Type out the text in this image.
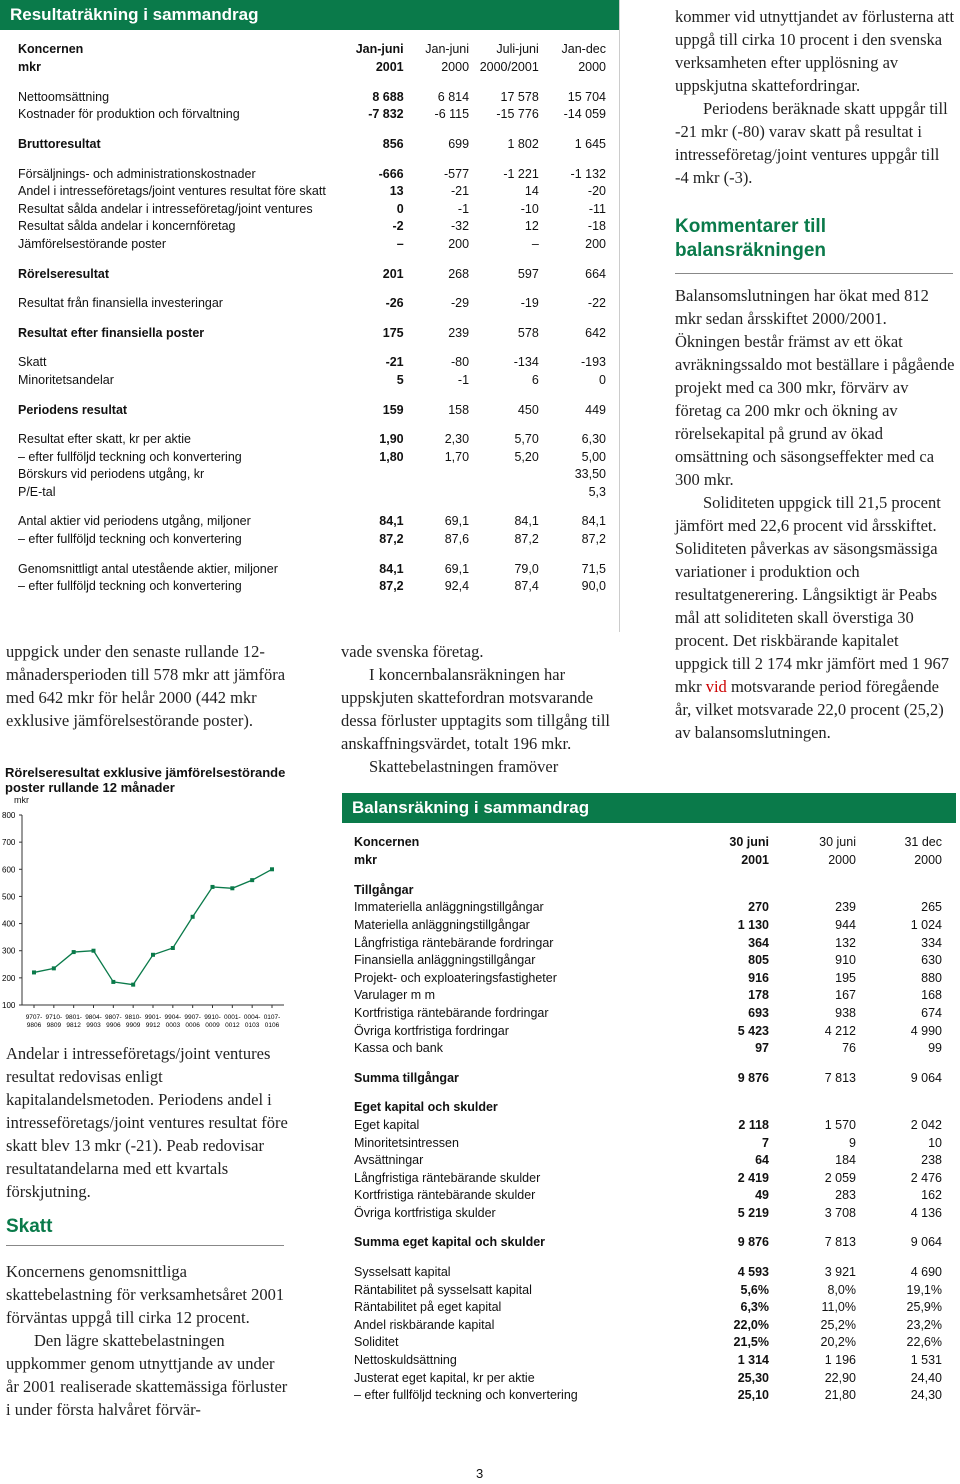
Resultaträkning i sammandrag
Koncernen	Jan-juni	Jan-juni	Juli-juni	Jan-dec
mkr	2001	2000	2000/2001	2000

Nettoomsättning	8 688	6 814	17 578	15 704
Kostnader för produktion och förvaltning	-7 832	-6 115	-15 776	-14 059

Bruttoresultat	856	699	1 802	1 645

Försäljnings- och administrationskostnader	-666	-577	-1 221	-1 132
Andel i intresseföretags/joint ventures resultat före skatt	13	-21	14	-20
Resultat sålda andelar i intresseföretag/joint ventures	0	-1	-10	-11
Resultat sålda andelar i koncernföretag	-2	-32	12	-18
Jämförelsestörande poster	–	200	–	200

Rörelseresultat	201	268	597	664

Resultat från finansiella investeringar	-26	-29	-19	-22

Resultat efter finansiella poster	175	239	578	642

Skatt	-21	-80	-134	-193
Minoritetsandelar	5	-1	6	0

Periodens resultat	159	158	450	449

Resultat efter skatt, kr per aktie	1,90	2,30	5,70	6,30
– efter fullföljd teckning och konvertering	1,80	1,70	5,20	5,00
Börskurs vid periodens utgång, kr				33,50
P/E-tal				5,3

Antal aktier vid periodens utgång, miljoner	84,1	69,1	84,1	84,1
– efter fullföljd teckning och konvertering	87,2	87,6	87,2	87,2

Genomsnittligt antal utestående aktier, miljoner	84,1	69,1	79,0	71,5
– efter fullföljd teckning och konvertering	87,2	92,4	87,4	90,0

uppgick under den senaste rullande 12-månadersperioden till 578 mkr att jämföra med 642 mkr för helår 2000 (442 mkr exklusive jämförelsestörande poster).

Rörelseresultat exklusive jämförelsestörande poster rullande 12 månader
mkr
100
200
300
400
500
600
700
800
9707-
9806
9710-
9809
9801-
9812
9804-
9903
9807-
9906
9810-
9909
9901-
9912
9904-
0003
9907-
0006
9910-
0009
0001-
0012
0004-
0103
0107-
0106

Andelar i intresseföretags/joint ventures resultat redovisas enligt kapitalandelsmetoden. Periodens andel i intresseföretags/joint ventures resultat före skatt blev 13 mkr (-21). Peab redovisar resultatandelarna med ett kvartals förskjutning.

Skatt

Koncernens genomsnittliga skattebelastning för verksamhetsåret 2001 förväntas uppgå till cirka 12 procent.

Den lägre skattebelastningen uppkommer genom utnyttjande av under år 2001 realiserade skattemässiga förluster i under första halvåret förvär-

vade svenska företag.

I koncernbalansräkningen har uppskjuten skattefordran motsvarande dessa förluster upptagits som tillgång till anskaffningsvärdet, totalt 196 mkr.

Skattebelastningen framöver

kommer vid utnyttjandet av förlusterna att uppgå till cirka 10 procent i den svenska verksamheten efter upplösning av uppskjutna skattefordringar.

Periodens beräknade skatt uppgår till -21 mkr (-80) varav skatt på resultat i intresseföretag/joint ventures uppgår till -4 mkr (-3).

Kommentarer till balansräkningen

Balansomslutningen har ökat med 812 mkr sedan årsskiftet 2000/2001. Ökningen består främst av ett ökat avräkningssaldo mot beställare i pågående projekt med ca 300 mkr, förvärv av företag ca 200 mkr och ökning av rörelsekapital på grund av ökad omsättning och säsongseffekter med ca 300 mkr.

Soliditeten uppgick till 21,5 procent jämfört med 22,6 procent vid årsskiftet. Soliditeten påverkas av säsongsmässiga variationer i produktion och resultatgenerering. Långsiktigt är Peabs mål att soliditeten skall överstiga 30 procent. Det riskbärande kapitalet uppgick till 2 174 mkr jämfört med 1 967 mkr vid motsvarande period föregående år, vilket motsvarade 22,0 procent (25,2) av balansomslutningen.

Balansräkning i sammandrag
Koncernen	30 juni	30 juni	31 dec
mkr	2001	2000	2000

Tillgångar			
Immateriella anläggningstillgångar	270	239	265
Materiella anläggningstillgångar	1 130	944	1 024
Långfristiga räntebärande fordringar	364	132	334
Finansiella anläggningstillgångar	805	910	630
Projekt- och exploateringsfastigheter	916	195	880
Varulager m m	178	167	168
Kortfristiga räntebärande fordringar	693	938	674
Övriga kortfristiga fordringar	5 423	4 212	4 990
Kassa och bank	97	76	99

Summa tillgångar	9 876	7 813	9 064

Eget kapital och skulder			
Eget kapital	2 118	1 570	2 042
Minoritetsintressen	7	9	10
Avsättningar	64	184	238
Långfristiga räntebärande skulder	2 419	2 059	2 476
Kortfristiga räntebärande skulder	49	283	162
Övriga kortfristiga skulder	5 219	3 708	4 136

Summa eget kapital och skulder	9 876	7 813	9 064

Sysselsatt kapital	4 593	3 921	4 690
Räntabilitet på sysselsatt kapital	5,6%	8,0%	19,1%
Räntabilitet på eget kapital	6,3%	11,0%	25,9%
Andel riskbärande kapital	22,0%	25,2%	23,2%
Soliditet	21,5%	20,2%	22,6%
Nettoskuldsättning	1 314	1 196	1 531
Justerat eget kapital, kr per aktie	25,30	22,90	24,40
– efter fullföljd teckning och konvertering	25,10	21,80	24,30
3
